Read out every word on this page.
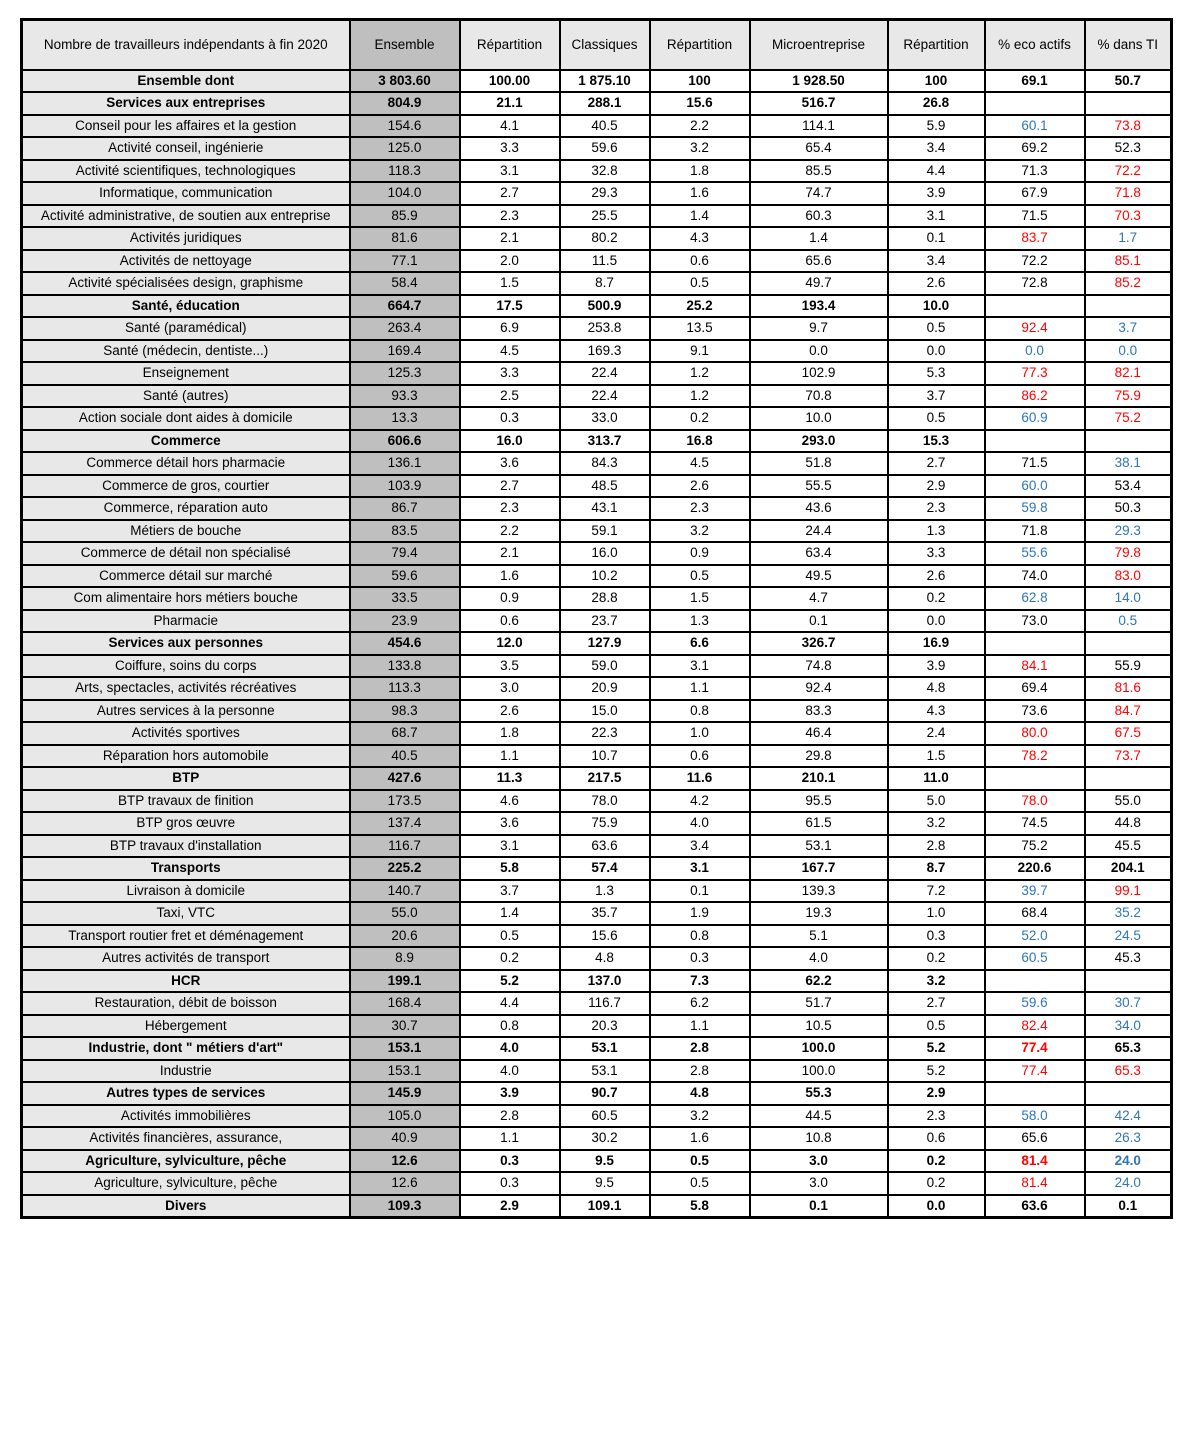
Nombre de travailleurs indépendants à fin 2020	Ensemble	Répartition	Classiques	Répartition	Microentreprise	Répartition	% eco actifs	% dans TI
Ensemble dont	3 803.60	100.00	1 875.10	100	1 928.50	100	69.1	50.7
Services aux entreprises	804.9	21.1	288.1	15.6	516.7	26.8		
Conseil pour les affaires et la gestion	154.6	4.1	40.5	2.2	114.1	5.9	60.1	73.8
Activité conseil, ingénierie	125.0	3.3	59.6	3.2	65.4	3.4	69.2	52.3
Activité scientifiques, technologiques	118.3	3.1	32.8	1.8	85.5	4.4	71.3	72.2
Informatique, communication	104.0	2.7	29.3	1.6	74.7	3.9	67.9	71.8
Activité administrative, de soutien aux entreprise	85.9	2.3	25.5	1.4	60.3	3.1	71.5	70.3
Activités juridiques	81.6	2.1	80.2	4.3	1.4	0.1	83.7	1.7
Activités de nettoyage	77.1	2.0	11.5	0.6	65.6	3.4	72.2	85.1
Activité spécialisées design, graphisme	58.4	1.5	8.7	0.5	49.7	2.6	72.8	85.2
Santé, éducation	664.7	17.5	500.9	25.2	193.4	10.0		
Santé (paramédical)	263.4	6.9	253.8	13.5	9.7	0.5	92.4	3.7
Santé (médecin, dentiste...)	169.4	4.5	169.3	9.1	0.0	0.0	0.0	0.0
Enseignement	125.3	3.3	22.4	1.2	102.9	5.3	77.3	82.1
Santé (autres)	93.3	2.5	22.4	1.2	70.8	3.7	86.2	75.9
Action sociale dont aides à domicile	13.3	0.3	33.0	0.2	10.0	0.5	60.9	75.2
Commerce	606.6	16.0	313.7	16.8	293.0	15.3		
Commerce détail hors pharmacie	136.1	3.6	84.3	4.5	51.8	2.7	71.5	38.1
Commerce de gros, courtier	103.9	2.7	48.5	2.6	55.5	2.9	60.0	53.4
Commerce, réparation auto	86.7	2.3	43.1	2.3	43.6	2.3	59.8	50.3
Métiers de bouche	83.5	2.2	59.1	3.2	24.4	1.3	71.8	29.3
Commerce de détail non spécialisé	79.4	2.1	16.0	0.9	63.4	3.3	55.6	79.8
Commerce détail sur marché	59.6	1.6	10.2	0.5	49.5	2.6	74.0	83.0
Com alimentaire hors métiers bouche	33.5	0.9	28.8	1.5	4.7	0.2	62.8	14.0
Pharmacie	23.9	0.6	23.7	1.3	0.1	0.0	73.0	0.5
Services aux personnes	454.6	12.0	127.9	6.6	326.7	16.9		
Coiffure, soins du corps	133.8	3.5	59.0	3.1	74.8	3.9	84.1	55.9
Arts, spectacles, activités récréatives	113.3	3.0	20.9	1.1	92.4	4.8	69.4	81.6
Autres services à la personne	98.3	2.6	15.0	0.8	83.3	4.3	73.6	84.7
Activités sportives	68.7	1.8	22.3	1.0	46.4	2.4	80.0	67.5
Réparation hors automobile	40.5	1.1	10.7	0.6	29.8	1.5	78.2	73.7
BTP	427.6	11.3	217.5	11.6	210.1	11.0		
BTP travaux de finition	173.5	4.6	78.0	4.2	95.5	5.0	78.0	55.0
BTP gros œuvre	137.4	3.6	75.9	4.0	61.5	3.2	74.5	44.8
BTP travaux d'installation	116.7	3.1	63.6	3.4	53.1	2.8	75.2	45.5
Transports	225.2	5.8	57.4	3.1	167.7	8.7	220.6	204.1
Livraison à domicile	140.7	3.7	1.3	0.1	139.3	7.2	39.7	99.1
Taxi, VTC	55.0	1.4	35.7	1.9	19.3	1.0	68.4	35.2
Transport routier fret et déménagement	20.6	0.5	15.6	0.8	5.1	0.3	52.0	24.5
Autres activités de transport	8.9	0.2	4.8	0.3	4.0	0.2	60.5	45.3
HCR	199.1	5.2	137.0	7.3	62.2	3.2		
Restauration, débit de boisson	168.4	4.4	116.7	6.2	51.7	2.7	59.6	30.7
Hébergement	30.7	0.8	20.3	1.1	10.5	0.5	82.4	34.0
Industrie, dont " métiers d'art"	153.1	4.0	53.1	2.8	100.0	5.2	77.4	65.3
Industrie	153.1	4.0	53.1	2.8	100.0	5.2	77.4	65.3
Autres types de services	145.9	3.9	90.7	4.8	55.3	2.9		
Activités immobilières	105.0	2.8	60.5	3.2	44.5	2.3	58.0	42.4
Activités financières, assurance,	40.9	1.1	30.2	1.6	10.8	0.6	65.6	26.3
Agriculture, sylviculture, pêche	12.6	0.3	9.5	0.5	3.0	0.2	81.4	24.0
Agriculture, sylviculture, pêche	12.6	0.3	9.5	0.5	3.0	0.2	81.4	24.0
Divers	109.3	2.9	109.1	5.8	0.1	0.0	63.6	0.1
